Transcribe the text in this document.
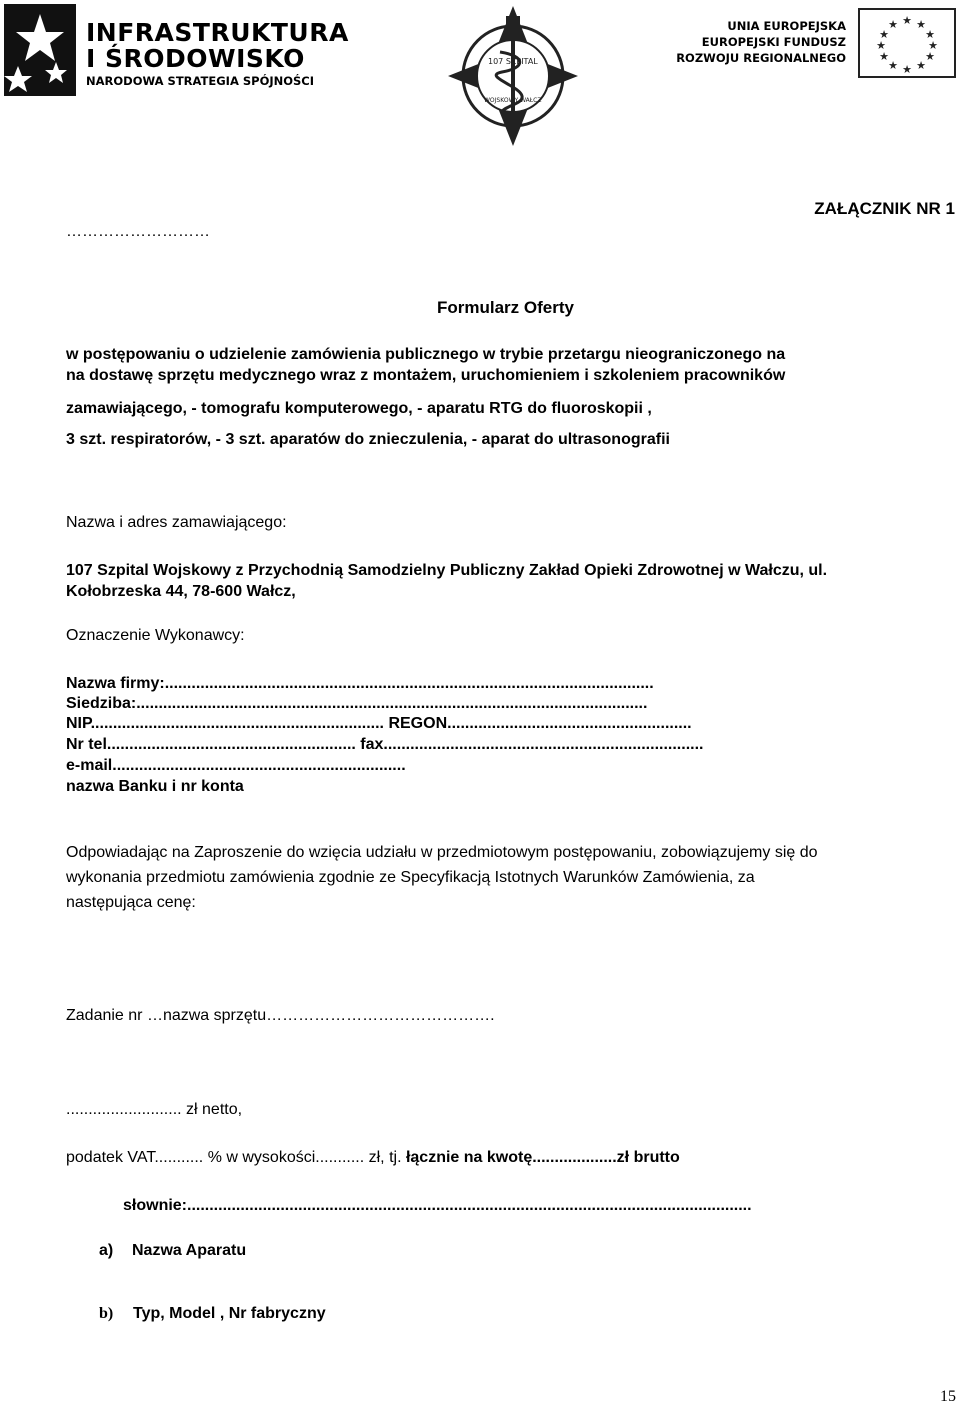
INFRASTRUKTURA
I ŚRODOWISKO
NARODOWA STRATEGIA SPÓJNOŚCI
107 SZPITAL
WOJSKOWY WAŁCZ
UNIA EUROPEJSKA
EUROPEJSKI FUNDUSZ
ROZWOJU REGIONALNEGO
★ ★
★
★
★
★
★
★
★
★
★
★
………………………
ZAŁĄCZNIK NR 1
Formularz Oferty
w postępowaniu o udzielenie zamówienia publicznego w trybie przetargu nieograniczonego na
na dostawę sprzętu medycznego wraz z montażem, uruchomieniem i szkoleniem pracowników
zamawiającego, - tomografu komputerowego, - aparatu RTG do fluoroskopii ,
3 szt. respiratorów, - 3 szt. aparatów do znieczulenia, - aparat do ultrasonografii
Nazwa i adres zamawiającego:
107 Szpital Wojskowy z Przychodnią Samodzielny Publiczny Zakład Opieki Zdrowotnej w Wałczu, ul.
Kołobrzeska 44, 78-600 Wałcz,
Oznaczenie Wykonawcy:
Nazwa firmy:..............................................................................................................
Siedziba:...................................................................................................................
NIP.................................................................. REGON.......................................................
Nr tel........................................................ fax........................................................................
e-mail..................................................................
nazwa Banku i nr konta
Odpowiadając na Zaproszenie do wzięcia udziału w przedmiotowym postępowaniu, zobowiązujemy się do
wykonania przedmiotu zamówienia zgodnie ze Specyfikacją Istotnych Warunków Zamówienia, za
następująca cenę:
Zadanie nr …nazwa sprzętu…………………………………….
.......................... zł netto,
podatek VAT........... % w wysokości........... zł, tj. łącznie na kwotę...................zł brutto
słownie:...............................................................................................................................
a) Nazwa Aparatu
b) Typ, Model , Nr fabryczny
15
